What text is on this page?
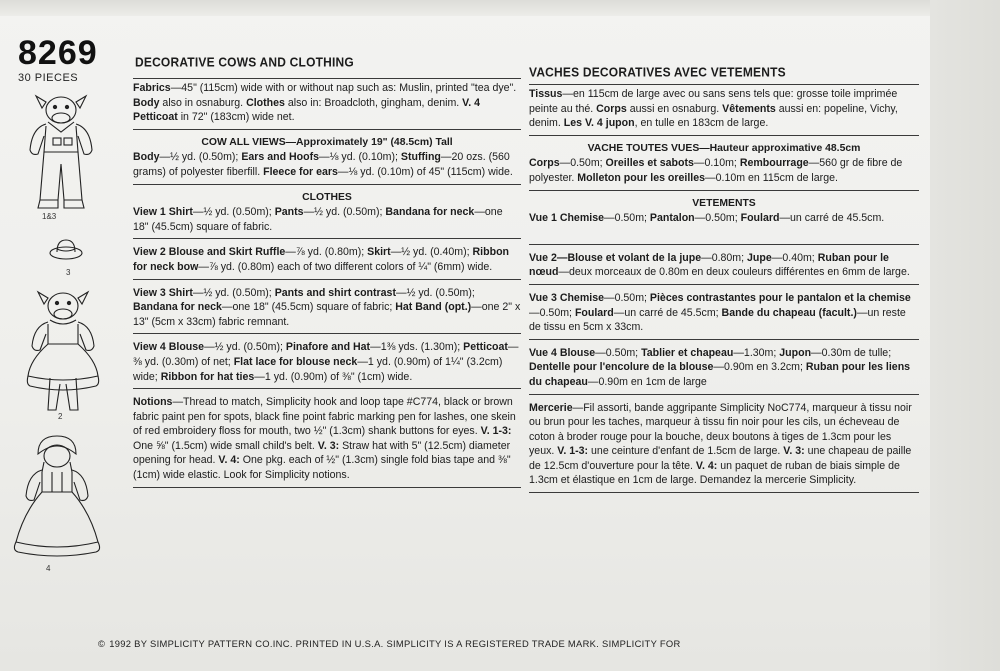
8269
30 PIECES
1&3
3
2
4
DECORATIVE COWS AND CLOTHING
Fabrics—45" (115cm) wide with or without nap such as: Muslin, printed "tea dye". Body also in osnaburg. Clothes also in: Broadcloth, gingham, denim. V. 4 Petticoat in 72" (183cm) wide net.
COW ALL VIEWS—Approximately 19" (48.5cm) Tall
Body—½ yd. (0.50m); Ears and Hoofs—⅛ yd. (0.10m); Stuffing—20 ozs. (560 grams) of polyester fiberfill. Fleece for ears—⅛ yd. (0.10m) of 45" (115cm) wide.
CLOTHES
View 1 Shirt—½ yd. (0.50m); Pants—½ yd. (0.50m); Bandana for neck—one 18" (45.5cm) square of fabric.
View 2 Blouse and Skirt Ruffle—⅞ yd. (0.80m); Skirt—½ yd. (0.40m); Ribbon for neck bow—⅞ yd. (0.80m) each of two different colors of ¼" (6mm) wide.
View 3 Shirt—½ yd. (0.50m); Pants and shirt contrast—½ yd. (0.50m); Bandana for neck—one 18" (45.5cm) square of fabric; Hat Band (opt.)—one 2" x 13" (5cm x 33cm) fabric remnant.
View 4 Blouse—½ yd. (0.50m); Pinafore and Hat—1⅜ yds. (1.30m); Petticoat—⅜ yd. (0.30m) of net; Flat lace for blouse neck—1 yd. (0.90m) of 1¼" (3.2cm) wide; Ribbon for hat ties—1 yd. (0.90m) of ⅜" (1cm) wide.
Notions—Thread to match, Simplicity hook and loop tape #C774, black or brown fabric paint pen for spots, black fine point fabric marking pen for lashes, one skein of red embroidery floss for mouth, two ½" (1.3cm) shank buttons for eyes. V. 1-3: One ⅝" (1.5cm) wide small child's belt. V. 3: Straw hat with 5" (12.5cm) diameter opening for head. V. 4: One pkg. each of ½" (1.3cm) single fold bias tape and ⅜" (1cm) wide elastic. Look for Simplicity notions.
VACHES DECORATIVES AVEC VETEMENTS
Tissus—en 115cm de large avec ou sans sens tels que: grosse toile imprimée peinte au thé. Corps aussi en osnaburg. Vêtements aussi en: popeline, Vichy, denim. Les V. 4 jupon, en tulle en 183cm de large.
VACHE TOUTES VUES—Hauteur approximative 48.5cm
Corps—0.50m; Oreilles et sabots—0.10m; Rembourrage—560 gr de fibre de polyester. Molleton pour les oreilles—0.10m en 115cm de large.
VETEMENTS
Vue 1 Chemise—0.50m; Pantalon—0.50m; Foulard—un carré de 45.5cm.
Vue 2—Blouse et volant de la jupe—0.80m; Jupe—0.40m; Ruban pour le nœud—deux morceaux de 0.80m en deux couleurs différentes en 6mm de large.
Vue 3 Chemise—0.50m; Pièces contrastantes pour le pantalon et la chemise—0.50m; Foulard—un carré de 45.5cm; Bande du chapeau (facult.)—un reste de tissu en 5cm x 33cm.
Vue 4 Blouse—0.50m; Tablier et chapeau—1.30m; Jupon—0.30m de tulle; Dentelle pour l'encolure de la blouse—0.90m en 3.2cm; Ruban pour les liens du chapeau—0.90m en 1cm de large
Mercerie—Fil assorti, bande aggripante Simplicity NoC774, marqueur à tissu noir ou brun pour les taches, marqueur à tissu fin noir pour les cils, un écheveau de coton à broder rouge pour la bouche, deux boutons à tiges de 1.3cm pour les yeux. V. 1-3: une ceinture d'enfant de 1.5cm de large. V. 3: une chapeau de paille de 12.5cm d'ouverture pour la tête. V. 4: un paquet de ruban de biais simple de 1.3cm et élastique en 1cm de large. Demandez la mercerie Simplicity.
© 1992 BY SIMPLICITY PATTERN CO.INC. PRINTED IN U.S.A. SIMPLICITY IS A REGISTERED TRADE MARK. SIMPLICITY FOR
